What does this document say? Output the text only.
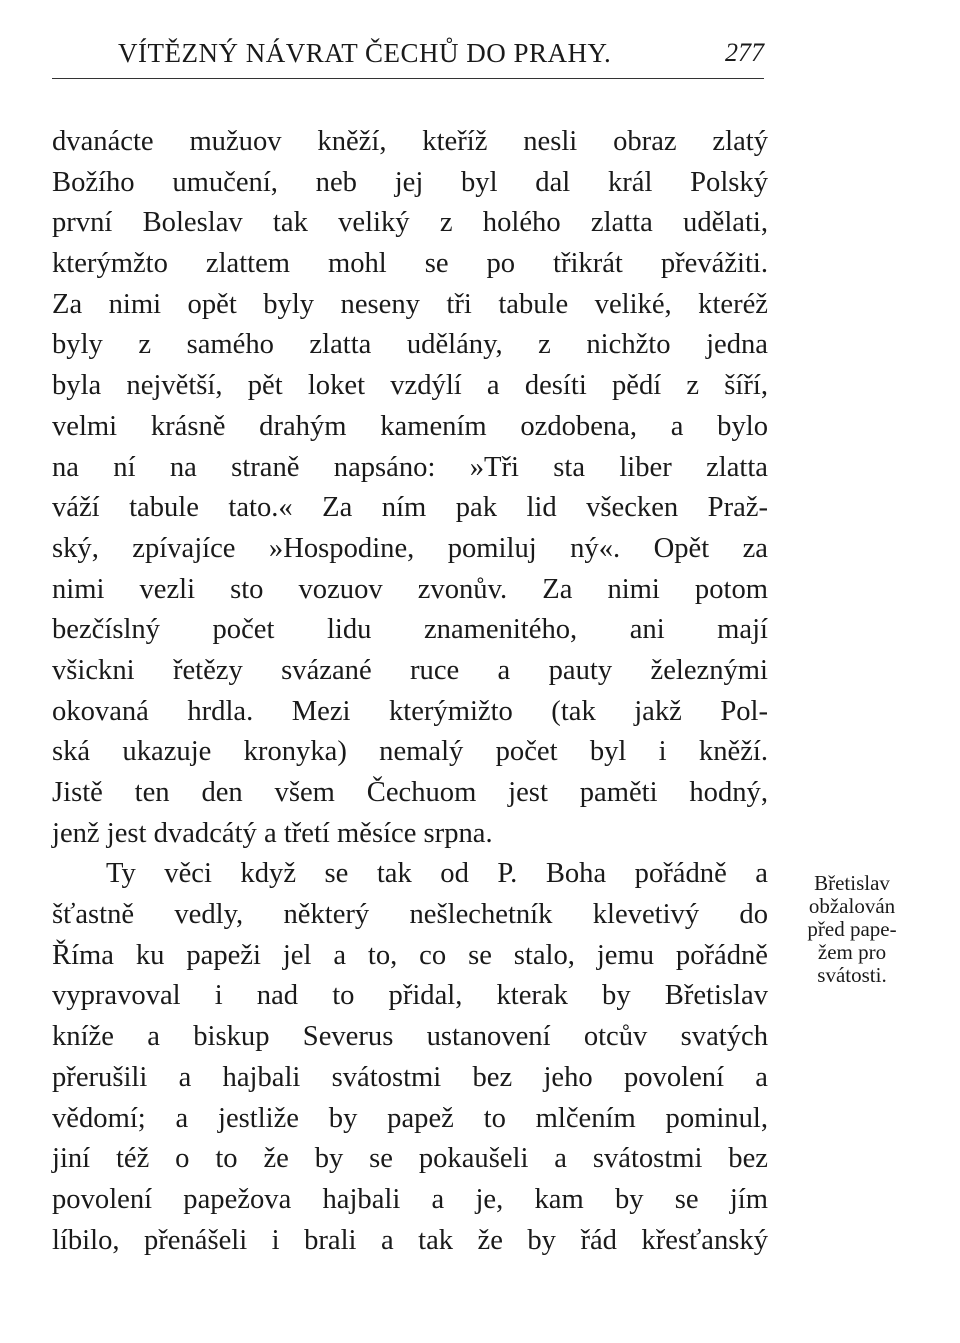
VÍTĚZNÝ NÁVRAT ČECHŮ DO PRAHY.	277
dvanácte mužuov kněží, kteříž nesli obraz zlatý
Božího umučení, neb jej byl dal král Polský
první Boleslav tak veliký z holého zlatta udělati,
kterýmžto zlattem mohl se po třikrát převážiti.
Za nimi opět byly neseny tři tabule veliké, kteréž
byly z samého zlatta udělány, z nichžto jedna
byla největší, pět loket vzdýlí a desíti pědí z šíří,
velmi krásně drahým kamením ozdobena, a bylo
na ní na straně napsáno: »Tři sta liber zlatta
váží tabule tato.« Za ním pak lid všecken Praž-
ský, zpívajíce »Hospodine, pomiluj ný«. Opět za
nimi vezli sto vozuov zvonův. Za nimi potom
bezčíslný počet lidu znamenitého, ani mají
všickni řetězy svázané ruce a pauty železnými
okovaná hrdla. Mezi kterýmižto (tak jakž Pol-
ská ukazuje kronyka) nemalý počet byl i kněží.
Jistě ten den všem Čechuom jest paměti hodný,
jenž jest dvadcátý a třetí měsíce srpna.
Ty věci když se tak od P. Boha pořádně a
šťastně vedly, některý nešlechetník klevetivý do
Říma ku papeži jel a to, co se stalo, jemu pořádně
vypravoval i nad to přidal, kterak by Břetislav
kníže a biskup Severus ustanovení otcův svatých
přerušili a hajbali svátostmi bez jeho povolení a
vědomí; a jestliže by papež to mlčením pominul,
jiní též o to že by se pokaušeli a svátostmi bez
povolení papežova hajbali a je, kam by se jím
líbilo, přenášeli i brali a tak že by řád křesťanský
Břetislav
obžalován
před pape-
žem pro
svátosti.
